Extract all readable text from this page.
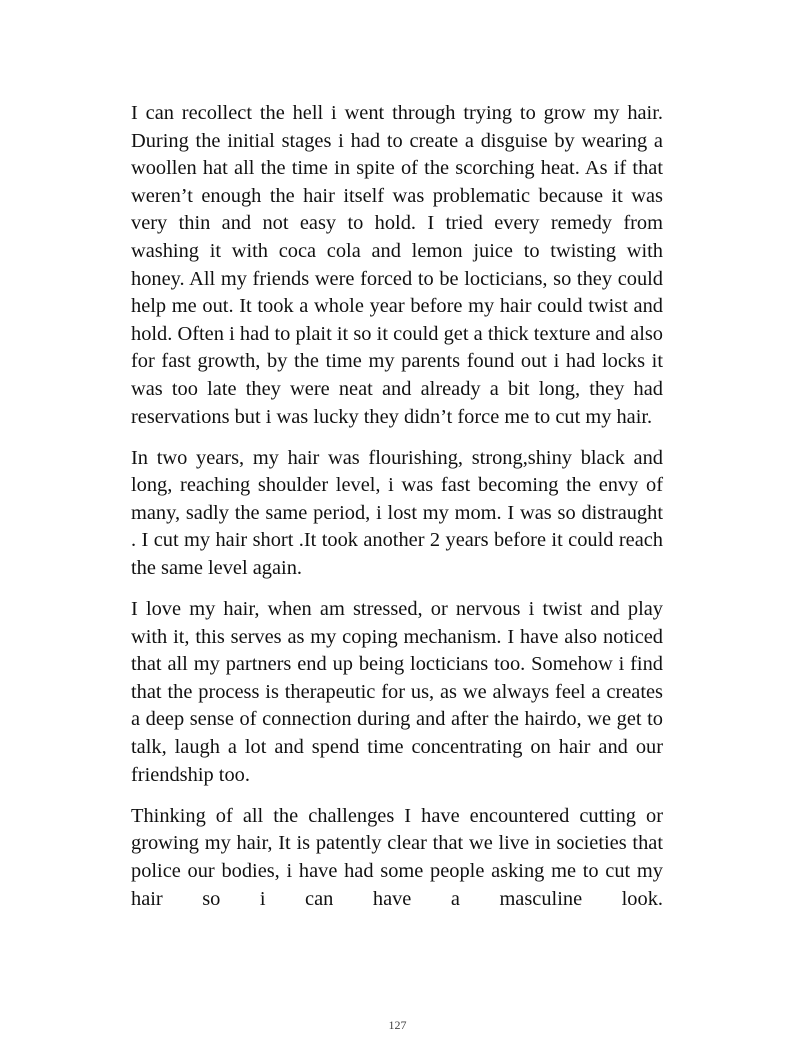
I can recollect the hell i went through trying to grow my hair. During the initial stages i had to create a disguise by wearing a woollen hat all the time in spite of the scorching heat. As if that weren’t enough the hair itself was problematic because it was very thin and not easy to hold. I tried every remedy from washing it with coca cola and lemon juice to twisting with honey. All my friends were forced to be locticians, so they could help me out. It took a whole year before my hair could twist and hold. Often i had to plait it so it could get a thick texture and also for fast growth, by the time my parents found out i had locks it was too late they were neat and already a bit long, they had reservations but i was lucky they didn’t force me to cut my hair.

In two years, my hair was flourishing, strong,shiny black and long, reaching shoulder level, i was fast becoming the envy of many, sadly the same period, i lost my mom. I was so distraught . I cut my hair short .It took another 2 years before it could reach the same level again.

I love my hair, when am stressed, or nervous i twist and play with it, this serves as my coping mechanism. I have also noticed that all my partners end up being locticians too. Somehow i find that the process is therapeutic for us, as we always feel a creates a deep sense of connection during and after the hairdo, we get to talk, laugh a lot and spend time concentrating on hair and our friendship too.

Thinking of all the challenges I have encountered cutting or growing my hair, It is patently clear that we live in societies that police our bodies, i have had some people asking me to cut my hair so i can have a masculine look.

127
